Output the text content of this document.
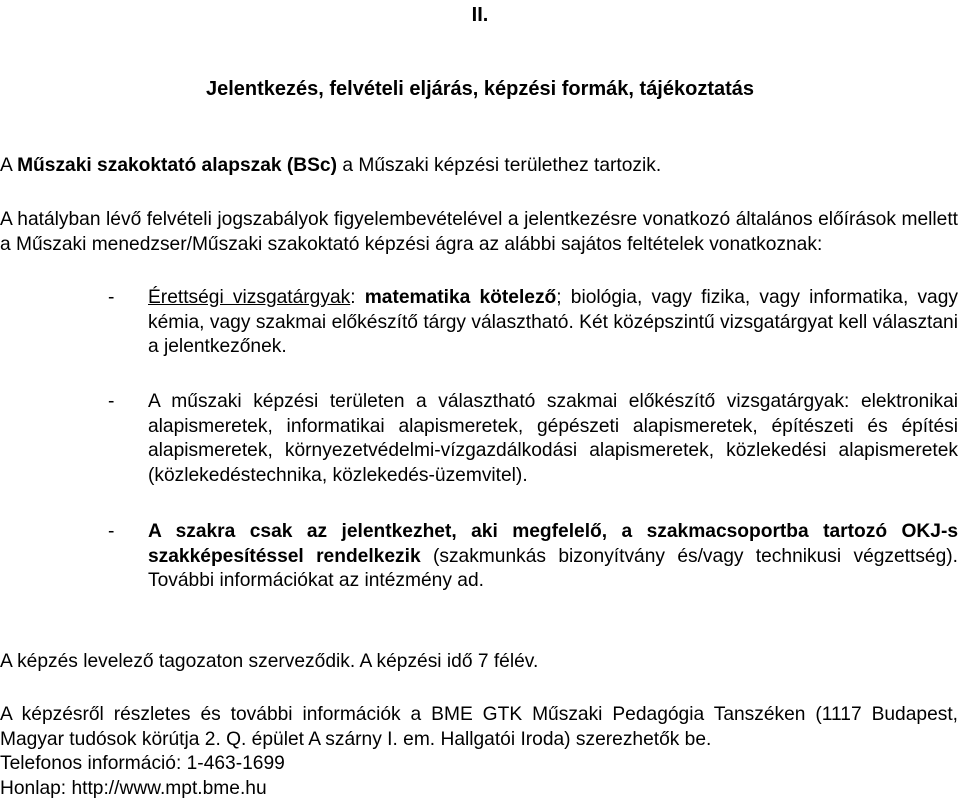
II.
Jelentkezés, felvételi eljárás, képzési formák, tájékoztatás

A Műszaki szakoktató alapszak (BSc) a Műszaki képzési területhez tartozik.

A hatályban lévő felvételi jogszabályok figyelembevételével a jelentkezésre vonatkozó általános előírások mellett a Műszaki menedzser/Műszaki szakoktató képzési ágra az alábbi sajátos feltételek vonatkoznak:

- Érettségi vizsgatárgyak: matematika kötelező; biológia, vagy fizika, vagy informatika, vagy kémia, vagy szakmai előkészítő tárgy választható. Két középszintű vizsgatárgyat kell választani a jelentkezőnek.

- A műszaki képzési területen a választható szakmai előkészítő vizsgatárgyak: elektronikai alapismeretek, informatikai alapismeretek, gépészeti alapismeretek, építészeti és építési alapismeretek, környezetvédelmi-vízgazdálkodási alapismeretek, közlekedési alapismeretek (közlekedéstechnika, közlekedés-üzemvitel).

- A szakra csak az jelentkezhet, aki megfelelő, a szakmacsoportba tartozó OKJ-s szakképesítéssel rendelkezik (szakmunkás bizonyítvány és/vagy technikusi végzettség). További információkat az intézmény ad.

A képzés levelező tagozaton szerveződik. A képzési idő 7 félév.

A képzésről részletes és további információk a BME GTK Műszaki Pedagógia Tanszéken (1117 Budapest, Magyar tudósok körútja 2. Q. épület A szárny I. em. Hallgatói Iroda) szerezhetők be.

Telefonos információ: 1-463-1699

Honlap: http://www.mpt.bme.hu
